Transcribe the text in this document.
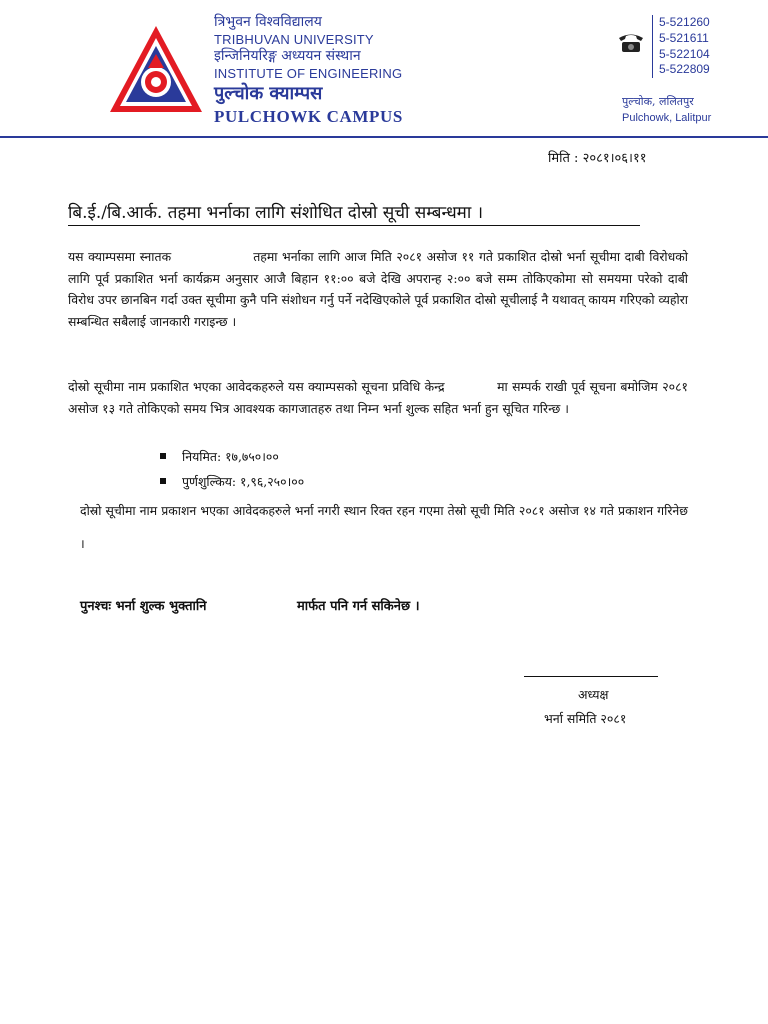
त्रिभुवन विश्वविद्यालय
TRIBHUVAN UNIVERSITY
इन्जिनियरिङ्ग अध्ययन संस्थान
INSTITUTE OF ENGINEERING
पुल्चोक क्याम्पस
PULCHOWK CAMPUS
5-521260
5-521611
5-522104
5-522809
पुल्चोक, ललितपुर
Pulchowk, Lalitpur
मिति : २०८१।०६।११
बि.ई./बि.आर्क. तहमा भर्नाका लागि संशोधित दोस्रो सूची सम्बन्धमा ।
यस क्याम्पसमा स्नातक                  तहमा भर्नाका लागि आज मिति २०८१ असोज ११ गते प्रकाशित दोस्रो भर्ना सूचीमा दाबी विरोधको लागि पूर्व प्रकाशित भर्ना कार्यक्रम अनुसार आजै बिहान ११:०० बजे देखि अपरान्ह २:०० बजे सम्म तोकिएकोमा सो समयमा परेको दाबी विरोध उपर छानबिन गर्दा उक्त सूचीमा कुनै पनि संशोधन गर्नु पर्ने नदेखिएकोले पूर्व प्रकाशित दोस्रो सूचीलाई नै यथावत् कायम गरिएको व्यहोरा सम्बन्धित सबैलाई जानकारी गराइन्छ ।
दोस्रो सूचीमा नाम प्रकाशित भएका आवेदकहरुले यस क्याम्पसको सूचना प्रविधि केन्द्र            मा सम्पर्क राखी पूर्व सूचना बमोजिम २०८१ असोज १३ गते तोकिएको समय भित्र आवश्यक कागजातहरु तथा निम्न भर्ना शुल्क सहित भर्ना हुन सूचित गरिन्छ ।
नियमित: १७,७५०।००
पुर्णशुल्किय: १,९६,२५०।००
दोस्रो सूचीमा नाम प्रकाशन भएका आवेदकहरुले भर्ना नगरी स्थान रिक्त रहन गएमा तेस्रो सूची मिति २०८१ असोज १४ गते प्रकाशन गरिनेछ ।
पुनश्चः भर्ना शुल्क भुक्तानि                    मार्फत पनि गर्न सकिनेछ ।
अध्यक्ष
भर्ना समिति २०८१
